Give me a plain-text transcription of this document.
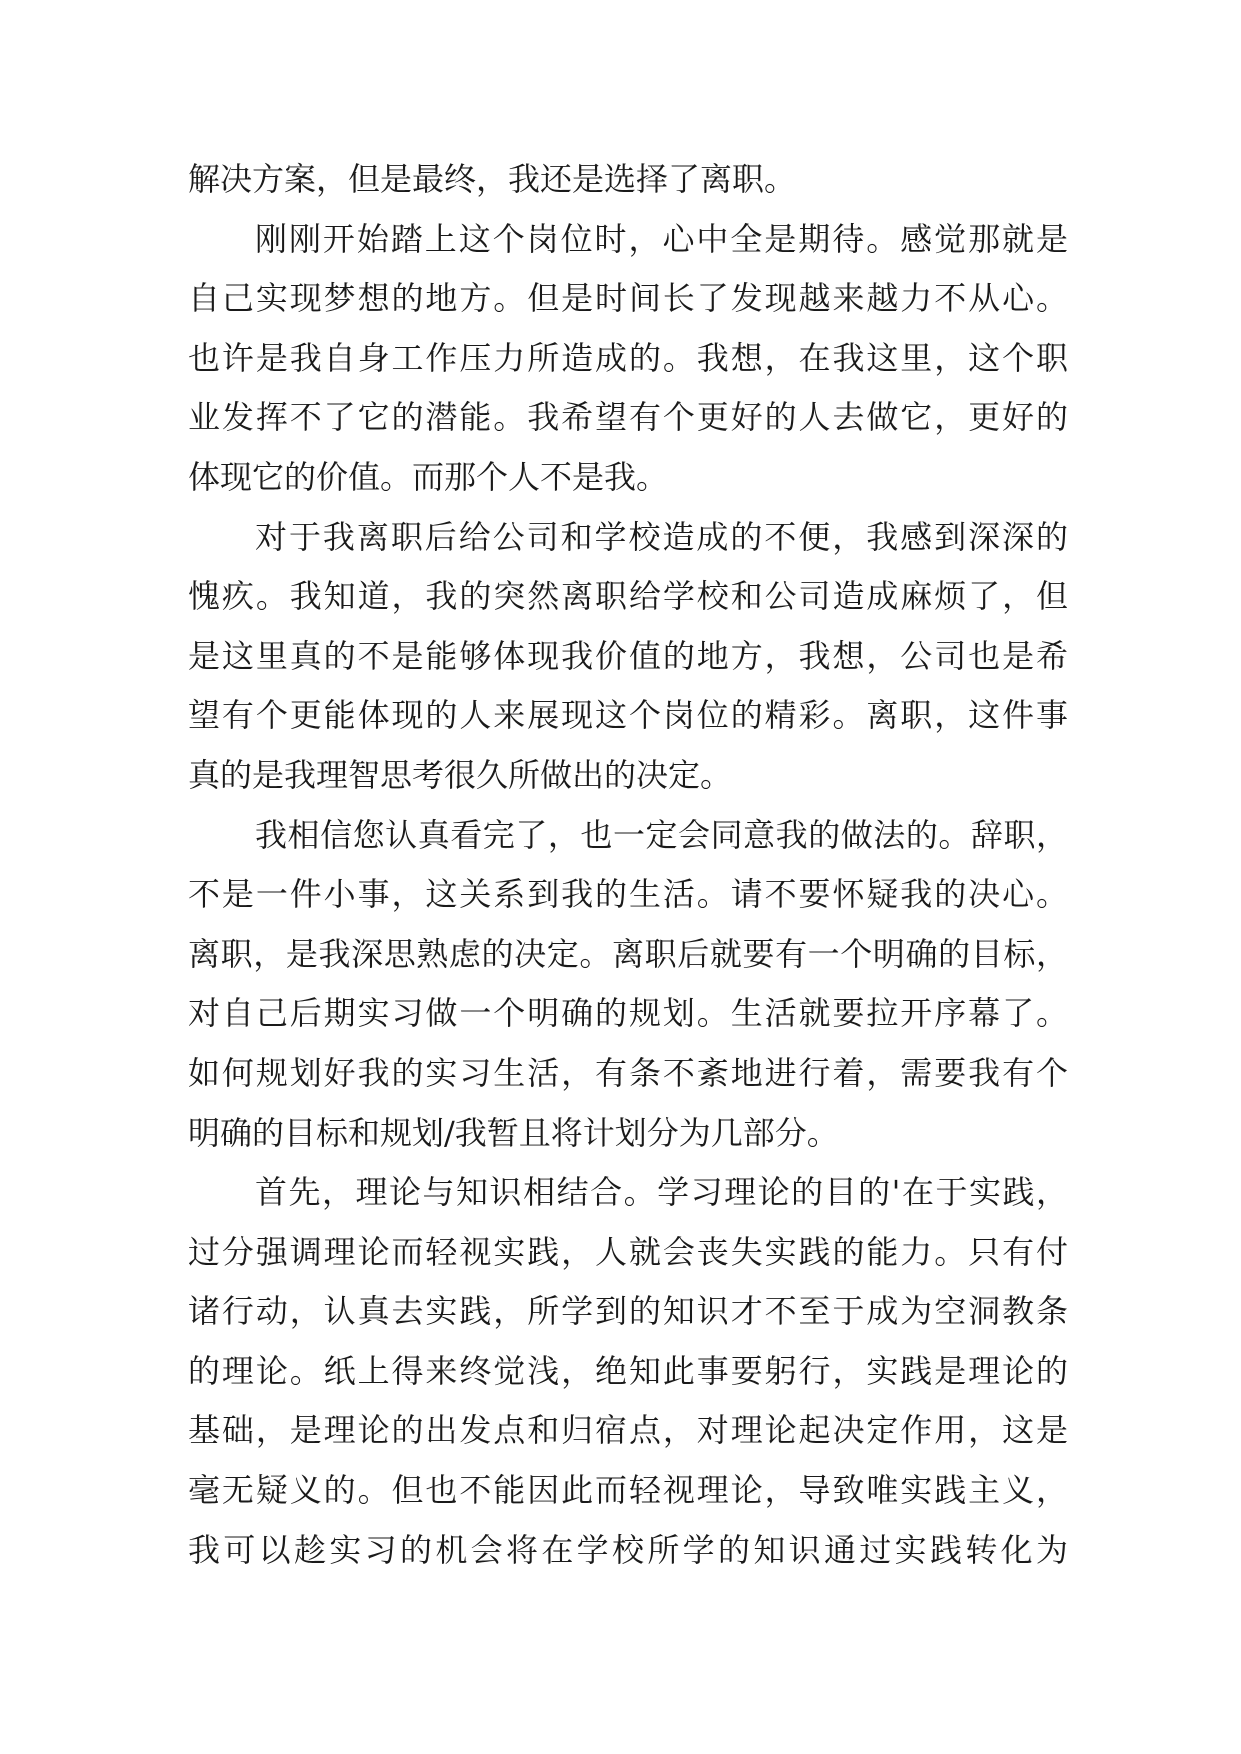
解决方案，但是最终，我还是选择了离职。
刚刚开始踏上这个岗位时，心中全是期待。感觉那就是
自己实现梦想的地方。但是时间长了发现越来越力不从心。
也许是我自身工作压力所造成的。我想，在我这里，这个职
业发挥不了它的潜能。我希望有个更好的人去做它，更好的
体现它的价值。而那个人不是我。
对于我离职后给公司和学校造成的不便，我感到深深的
愧疚。我知道，我的突然离职给学校和公司造成麻烦了，但
是这里真的不是能够体现我价值的地方，我想，公司也是希
望有个更能体现的人来展现这个岗位的精彩。离职，这件事
真的是我理智思考很久所做出的决定。
我相信您认真看完了，也一定会同意我的做法的。辞职，
不是一件小事，这关系到我的生活。请不要怀疑我的决心。
离职，是我深思熟虑的决定。离职后就要有一个明确的目标，
对自己后期实习做一个明确的规划。生活就要拉开序幕了。
如何规划好我的实习生活，有条不紊地进行着，需要我有个
明确的目标和规划/我暂且将计划分为几部分。
首先，理论与知识相结合。学习理论的目的'在于实践，
过分强调理论而轻视实践，人就会丧失实践的能力。只有付
诸行动，认真去实践，所学到的知识才不至于成为空洞教条
的理论。纸上得来终觉浅，绝知此事要躬行，实践是理论的
基础，是理论的出发点和归宿点，对理论起决定作用，这是
毫无疑义的。但也不能因此而轻视理论，导致唯实践主义，
我可以趁实习的机会将在学校所学的知识通过实践转化为
